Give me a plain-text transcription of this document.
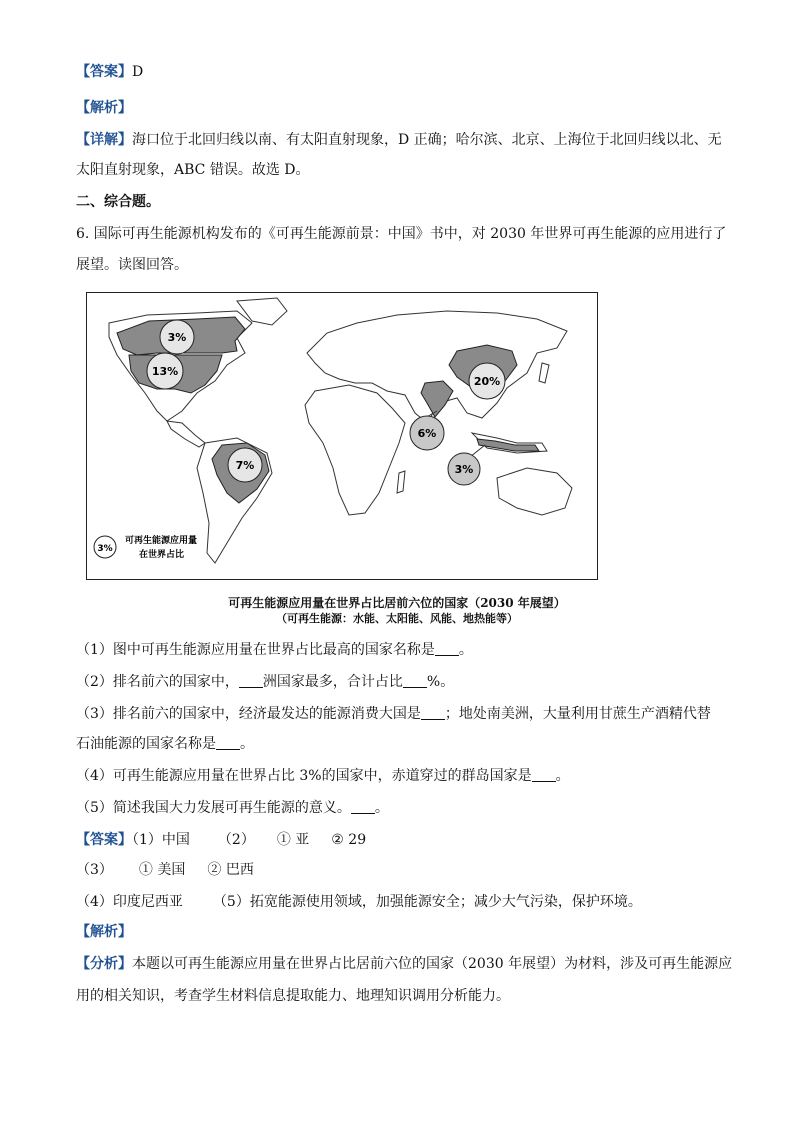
【答案】D
【解析】
【详解】海口位于北回归线以南、有太阳直射现象，D 正确；哈尔滨、北京、上海位于北回归线以北、无
太阳直射现象，ABC 错误。故选 D。
二、综合题。
6. 国际可再生能源机构发布的《可再生能源前景：中国》书中，对 2030 年世界可再生能源的应用进行了
展望。读图回答。
3%
13%
7%
20%
6%
3%
3%
可再生能源应用量
在世界占比
可再生能源应用量在世界占比居前六位的国家（2030 年展望）
（可再生能源：水能、太阳能、风能、地热能等）
（1）图中可再生能源应用量在世界占比最高的国家名称是 。
（2）排名前六的国家中， 洲国家最多，合计占比 %。
（3）排名前六的国家中，经济最发达的能源消费大国是 ；地处南美洲，大量利用甘蔗生产酒精代替
石油能源的国家名称是 。
（4）可再生能源应用量在世界占比 3%的国家中，赤道穿过的群岛国家是 。
（5）简述我国大力发展可再生能源的意义。 。
【答案】（1）中国 （2） ① 亚 ② 29
（3） ① 美国 ② 巴西
（4）印度尼西亚 （5）拓宽能源使用领域，加强能源安全；减少大气污染，保护环境。
【解析】
【分析】本题以可再生能源应用量在世界占比居前六位的国家（2030 年展望）为材料，涉及可再生能源应
用的相关知识，考查学生材料信息提取能力、地理知识调用分析能力。
